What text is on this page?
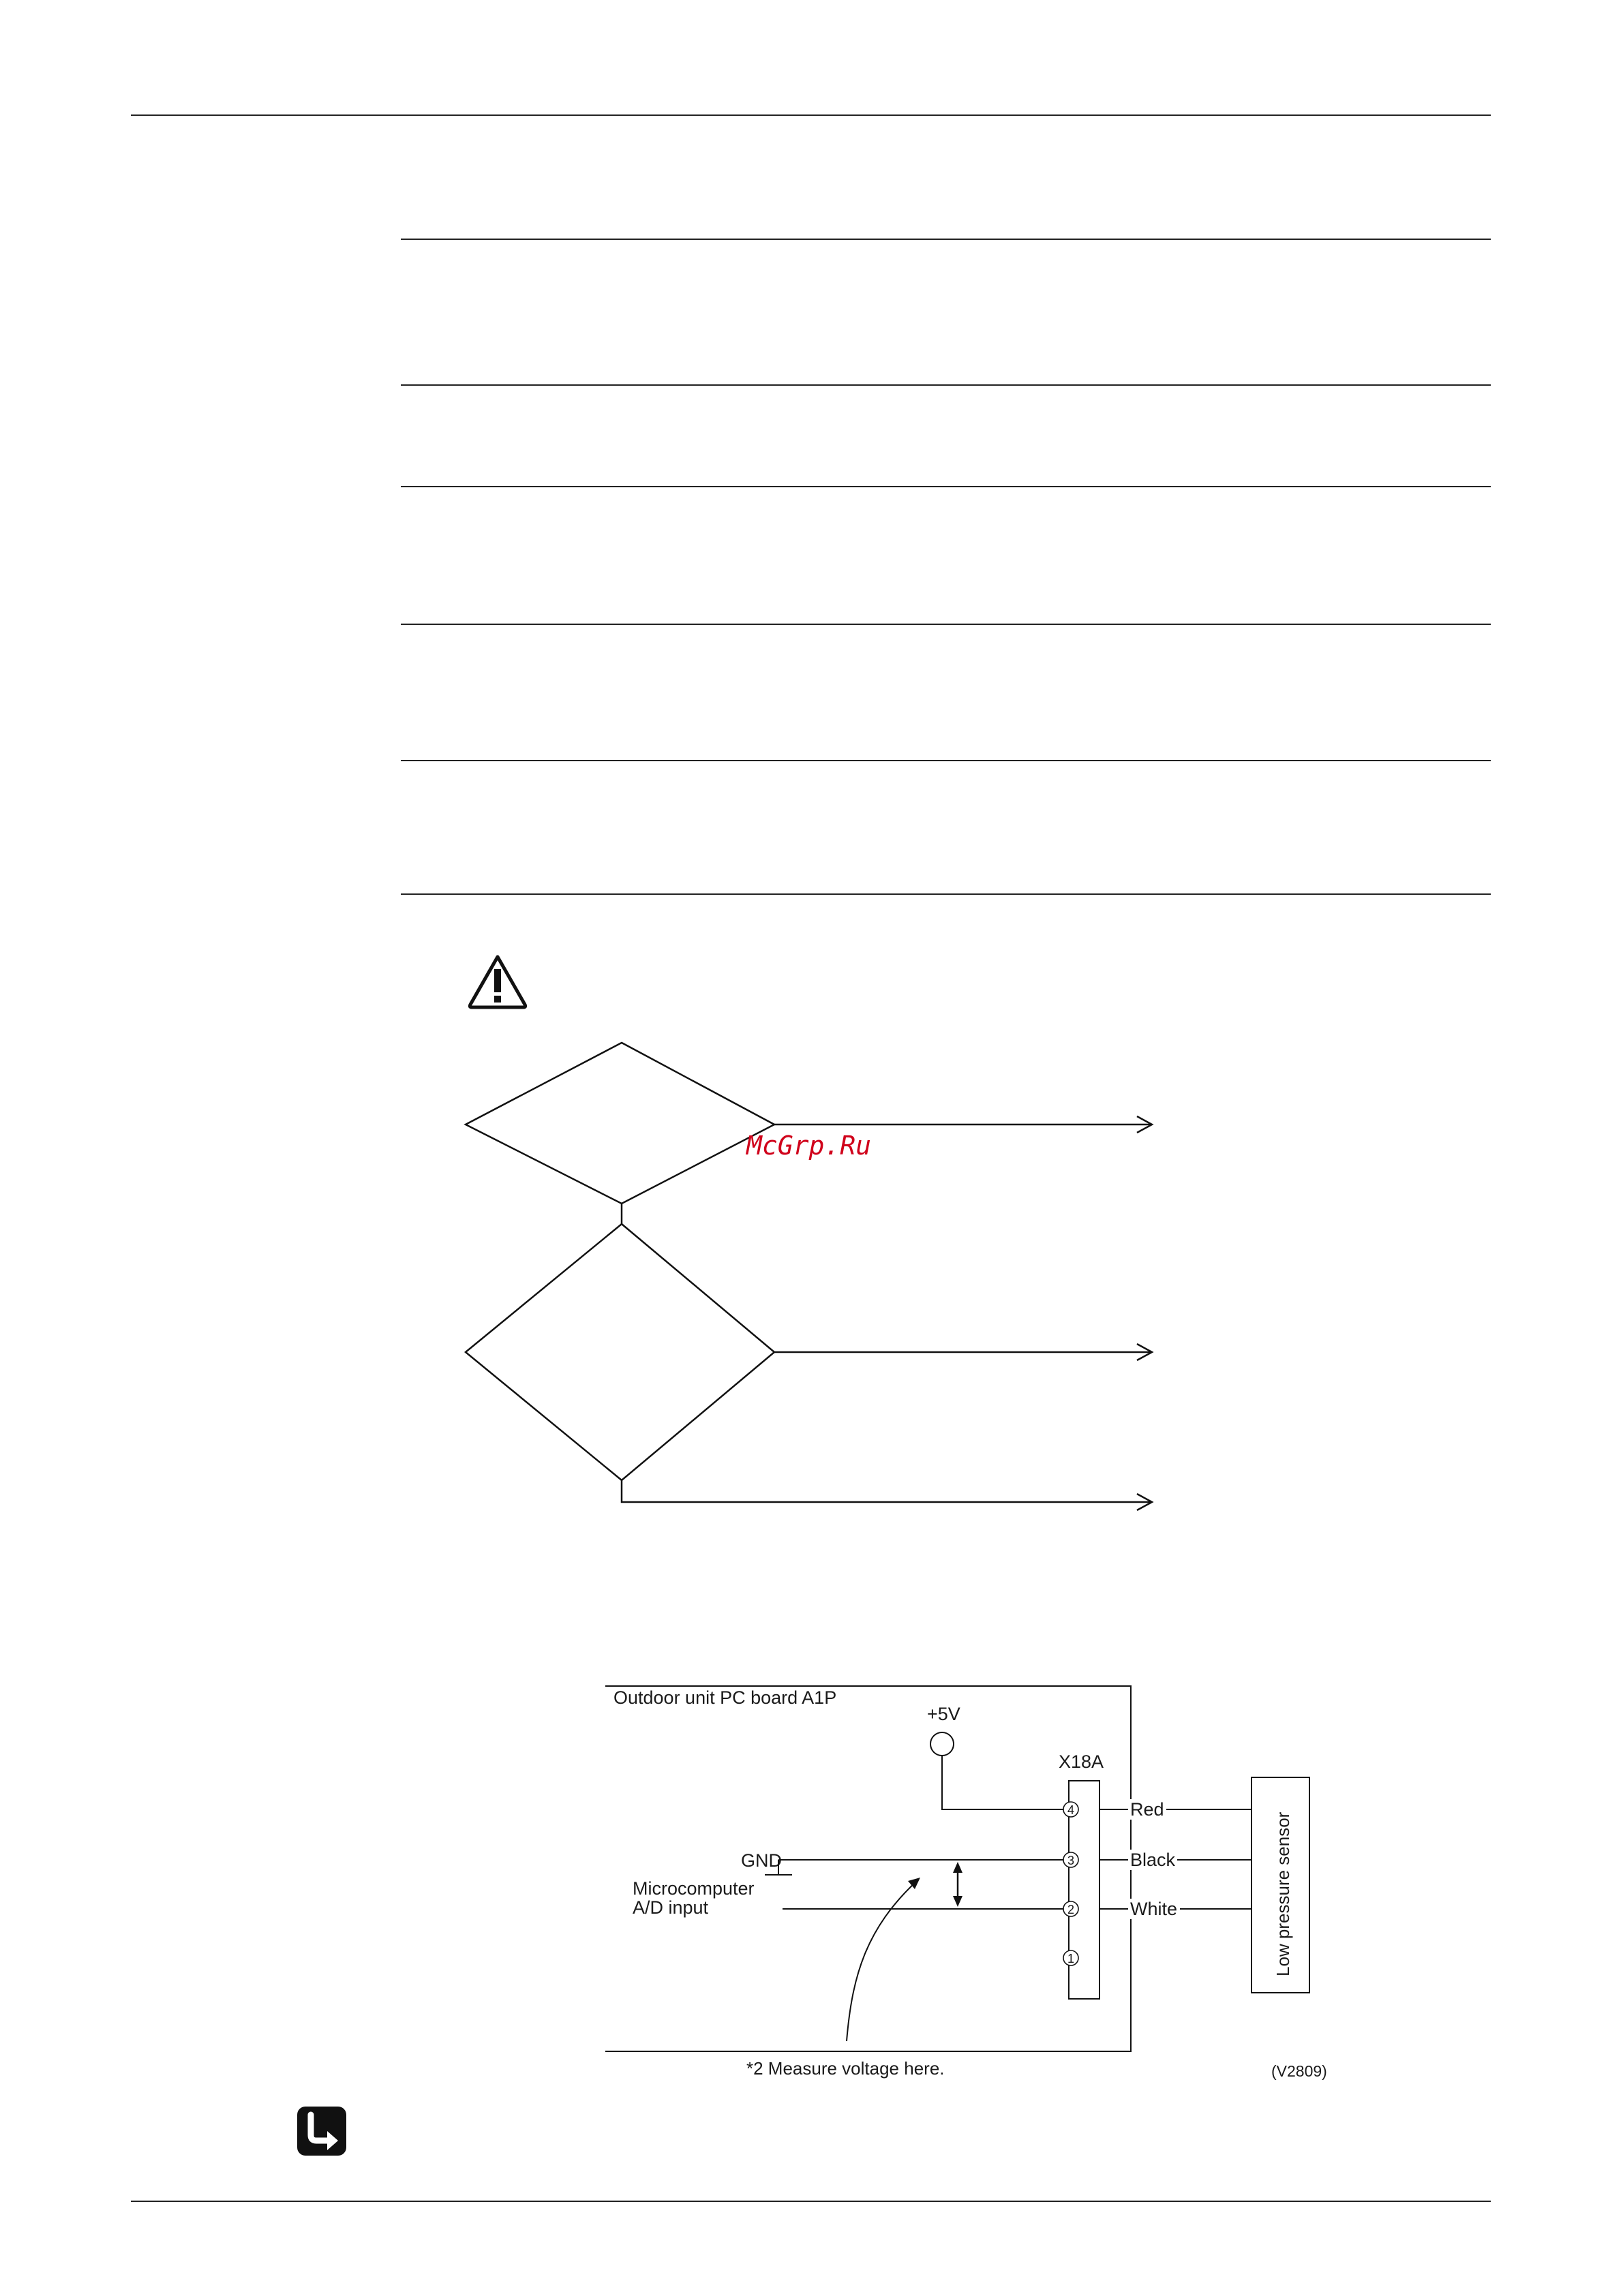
McGrp.Ru
Outdoor unit PC board A1P
+5V
X18A
4
3
2
1
GND
Microcomputer
A/D input
Red
Black
White	Low pressure sensor
*2 Measure voltage here.	(V2809)
